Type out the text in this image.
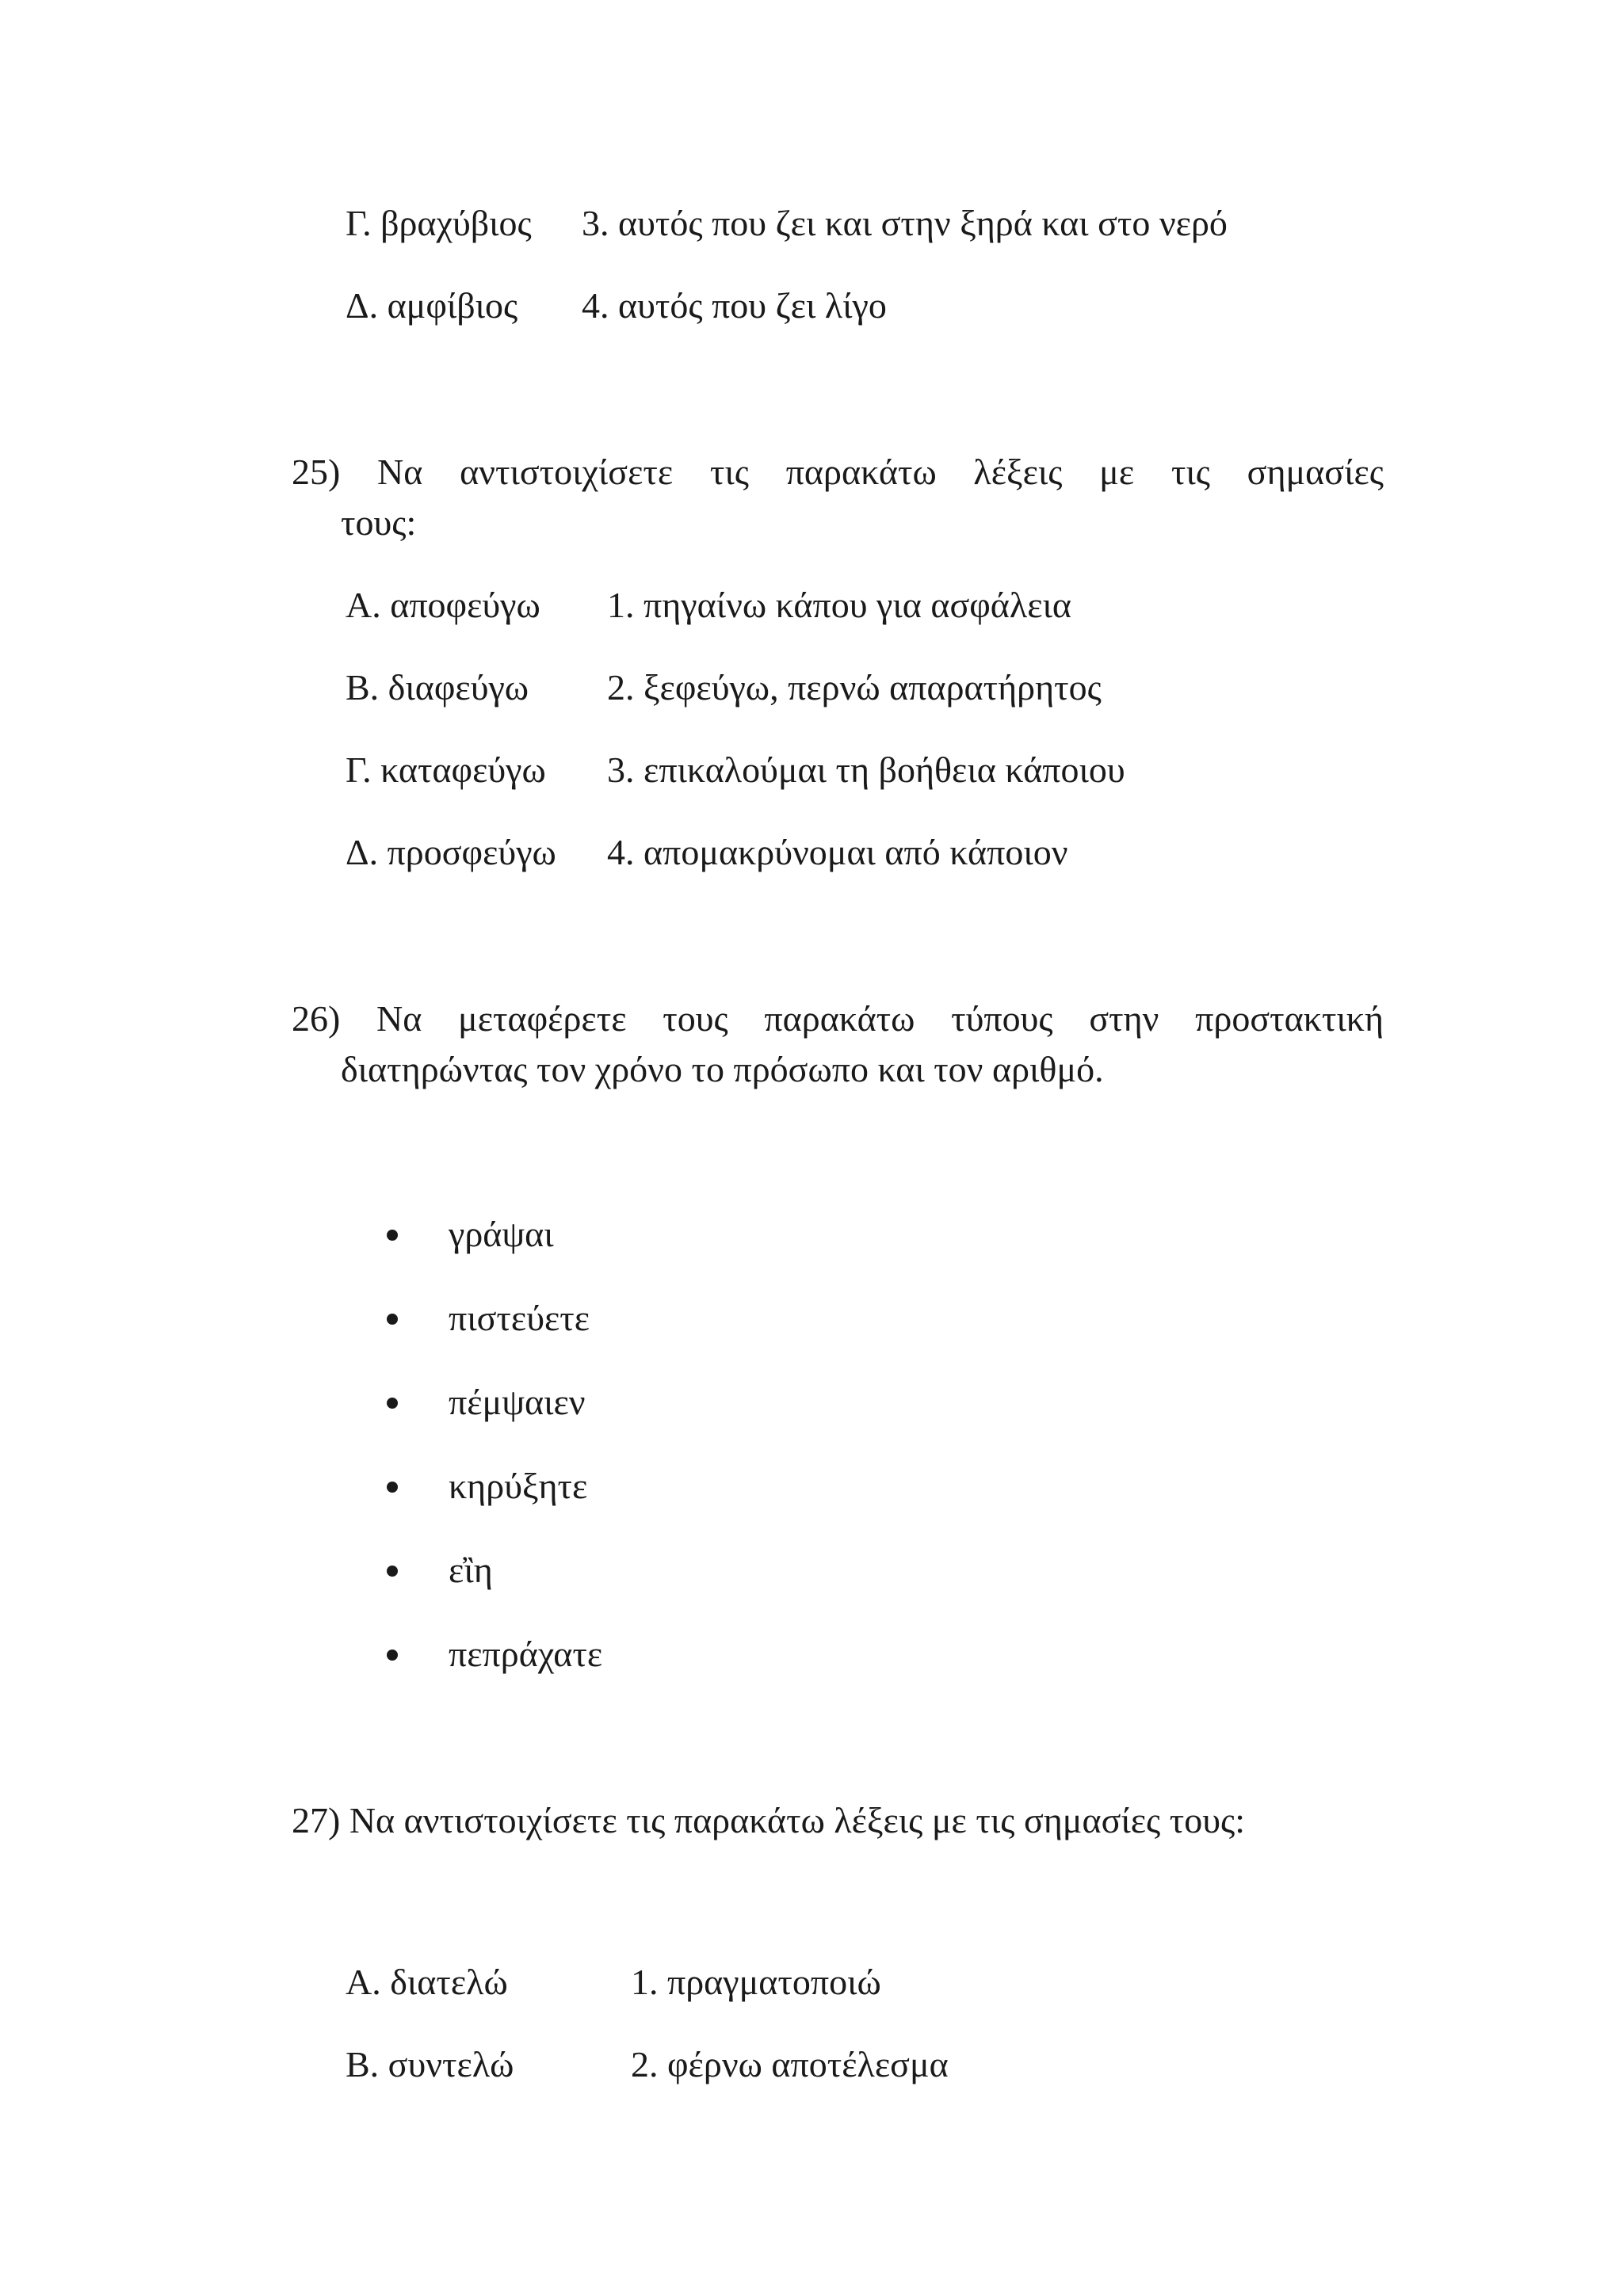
Γ. βραχύβιος 3. αυτός που ζει και στην ξηρά και στο νερό
Δ. αμφίβιος 4. αυτός που ζει λίγο
25) Να αντιστοιχίσετε τις παρακάτω λέξεις με τις σημασίες
τους:
Α. αποφεύγω 1. πηγαίνω κάπου για ασφάλεια
Β. διαφεύγω 2. ξεφεύγω, περνώ απαρατήρητος
Γ. καταφεύγω 3. επικαλούμαι τη βοήθεια κάποιου
Δ. προσφεύγω 4. απομακρύνομαι από κάποιον
26) Να μεταφέρετε τους παρακάτω τύπους στην προστακτική
διατηρώντας τον χρόνο το πρόσωπο και τον αριθμό.
γράψαι
πιστεύετε
πέμψαιεν
κηρύξητε
εἲη
πεπράχατε
27) Να αντιστοιχίσετε τις παρακάτω λέξεις με τις σημασίες τους:
Α. διατελώ	1. πραγματοποιώ
Β. συντελώ	2. φέρνω αποτέλεσμα
